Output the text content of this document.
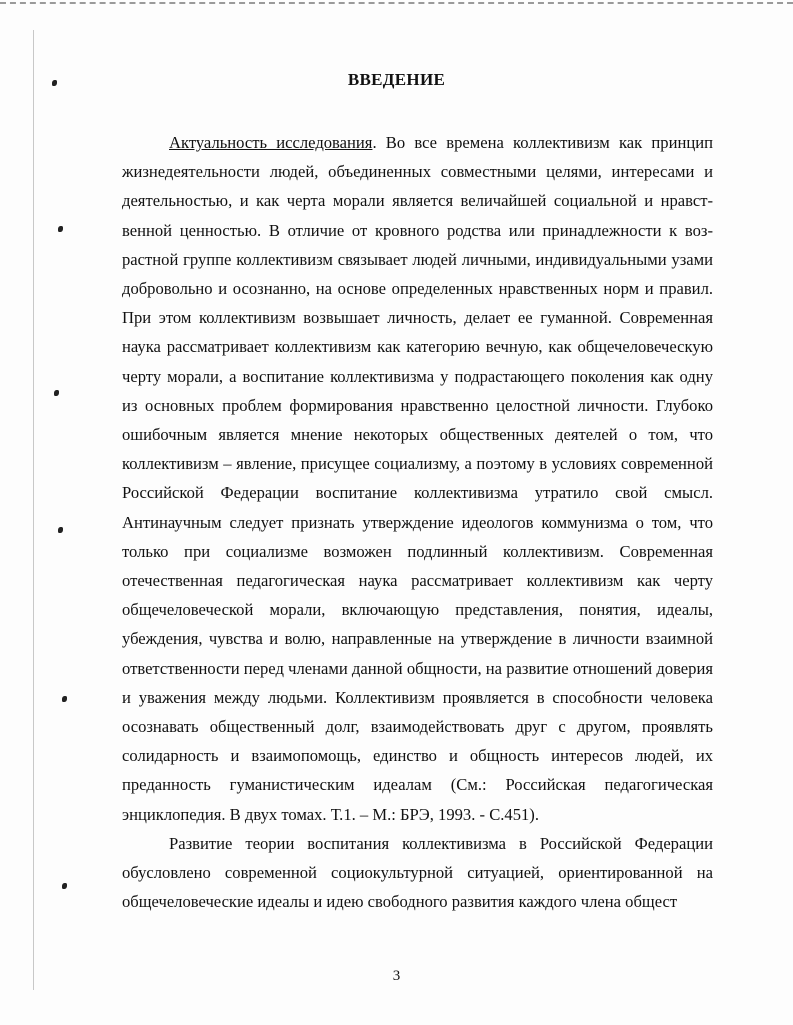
ВВЕДЕНИЕ

Актуальность исследования. Во все времена коллективизм как принцип жизнедеятельности людей, объединенных совместными целями, интересами и деятельностью, и как черта морали является величайшей социальной и нравственной ценностью. В отличие от кровного родства или принадлежности к возрастной группе коллективизм связывает людей личными, индивидуальными узами добровольно и осознанно, на основе определенных нравственных норм и правил. При этом коллективизм возвышает личность, делает ее гуманной. Современная наука рассматривает коллективизм как категорию вечную, как общечеловеческую черту морали, а воспитание коллективизма у подрастающего поколения как одну из основных проблем формирования нравственно целостной личности. Глубоко ошибочным является мнение некоторых общественных деятелей о том, что коллективизм – явление, присущее социализму, а поэтому в условиях современной Российской Федерации воспитание коллективизма утратило свой смысл. Антинаучным следует признать утверждение идеологов коммунизма о том, что только при социализме возможен подлинный коллективизм. Современная отечественная педагогическая наука рассматривает коллективизм как черту общечеловеческой морали, включающую представления, понятия, идеалы, убеждения, чувства и волю, направленные на утверждение в личности взаимной ответственности перед членами данной общности, на развитие отношений доверия и уважения между людьми. Коллективизм проявляется в способности человека осознавать общественный долг, взаимодействовать друг с другом, проявлять солидарность и взаимопомощь, единство и общность интересов людей, их преданность гуманистическим идеалам (См.: Российская педагогическая энциклопедия. В двух томах. Т.1. – М.: БРЭ, 1993. - С.451).

Развитие теории воспитания коллективизма в Российской Федерации обусловлено современной социокультурной ситуацией, ориентированной на общечеловеческие идеалы и идею свободного развития каждого члена общест

3
